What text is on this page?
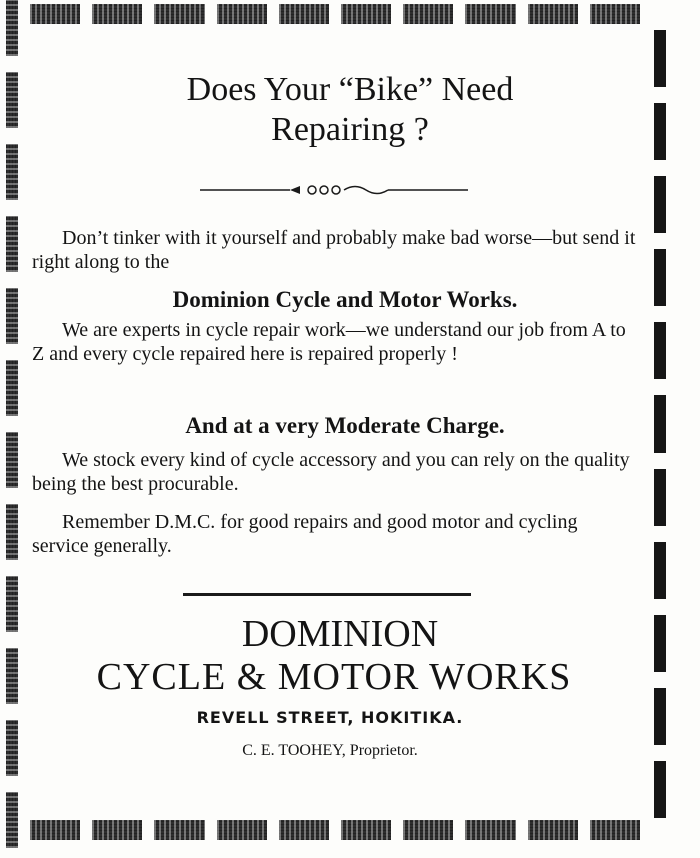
Does Your “Bike” Need
Repairing ?

Don’t tinker with it yourself and probably make bad worse—but send it right along to the

Dominion Cycle and Motor Works.

We are experts in cycle repair work—we understand our job from A to Z and every cycle repaired here is repaired properly !

And at a very Moderate Charge.

We stock every kind of cycle accessory and you can rely on the quality being the best procurable.

Remember D.M.C. for good repairs and good motor and cycling service generally.

DOMINION

CYCLE & MOTOR WORKS

REVELL STREET, HOKITIKA.

C. E. TOOHEY, Proprietor.
